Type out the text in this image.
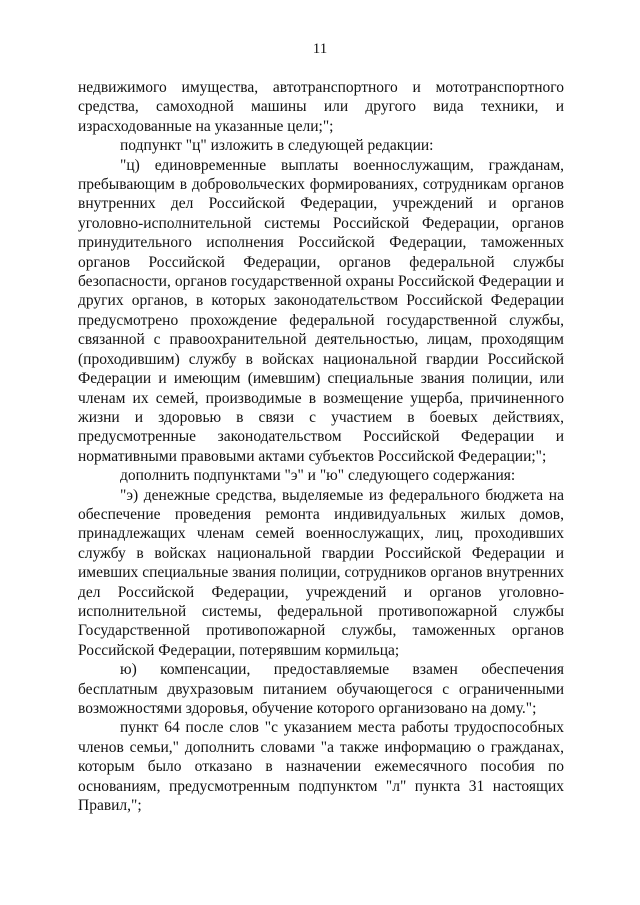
11

недвижимого имущества, автотранспортного и мототранспортного средства, самоходной машины или другого вида техники, и израсходованные на указанные цели;";

подпункт "ц" изложить в следующей редакции:

"ц) единовременные выплаты военнослужащим, гражданам, пребывающим в добровольческих формированиях, сотрудникам органов внутренних дел Российской Федерации, учреждений и органов уголовно-исполнительной системы Российской Федерации, органов принудительного исполнения Российской Федерации, таможенных органов Российской Федерации, органов федеральной службы безопасности, органов государственной охраны Российской Федерации и других органов, в которых законодательством Российской Федерации предусмотрено прохождение федеральной государственной службы, связанной с правоохранительной деятельностью, лицам, проходящим (проходившим) службу в войсках национальной гвардии Российской Федерации и имеющим (имевшим) специальные звания полиции, или членам их семей, производимые в возмещение ущерба, причиненного жизни и здоровью в связи с участием в боевых действиях, предусмотренные законодательством Российской Федерации и нормативными правовыми актами субъектов Российской Федерации;";

дополнить подпунктами "э" и "ю" следующего содержания:

"э) денежные средства, выделяемые из федерального бюджета на обеспечение проведения ремонта индивидуальных жилых домов, принадлежащих членам семей военнослужащих, лиц, проходивших службу в войсках национальной гвардии Российской Федерации и имевших специальные звания полиции, сотрудников органов внутренних дел Российской Федерации, учреждений и органов уголовно-исполнительной системы, федеральной противопожарной службы Государственной противопожарной службы, таможенных органов Российской Федерации, потерявшим кормильца;

ю) компенсации, предоставляемые взамен обеспечения бесплатным двухразовым питанием обучающегося с ограниченными возможностями здоровья, обучение которого организовано на дому.";

пункт 64 после слов "с указанием места работы трудоспособных членов семьи," дополнить словами "а также информацию о гражданах, которым было отказано в назначении ежемесячного пособия по основаниям, предусмотренным подпунктом "л" пункта 31 настоящих Правил,";
